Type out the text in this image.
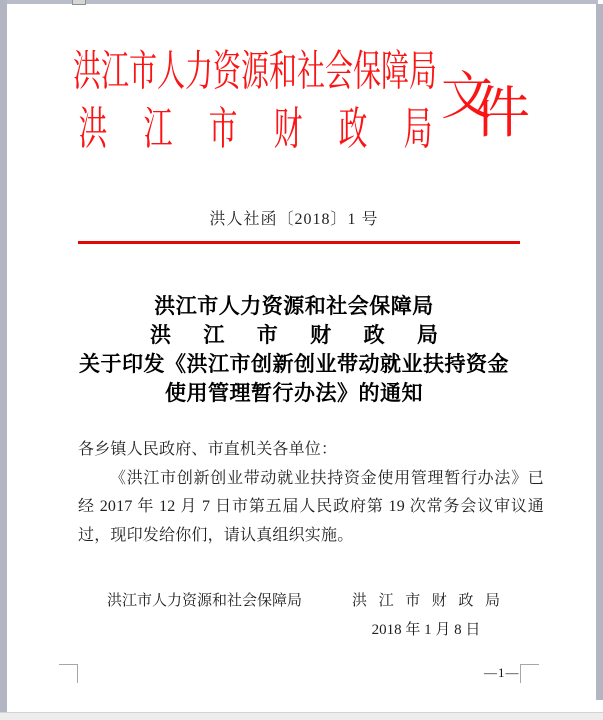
洪江市人力资源和社会保障局
洪 江 市 财 政 局
文
件
洪人社函〔2018〕1 号
洪江市人力资源和社会保障局
洪 江 市 财 政 局
关于印发《洪江市创新创业带动就业扶持资金
使用管理暂行办法》的通知
各乡镇人民政府、市直机关各单位：
《洪江市创新创业带动就业扶持资金使用管理暂行办法》已
经 2017 年 12 月 7 日市第五届人民政府第 19 次常务会议审议通
过，现印发给你们，请认真组织实施。
洪江市人力资源和社会保障局	洪 江 市 财 政 局
2018 年 1 月 8 日
—1—
